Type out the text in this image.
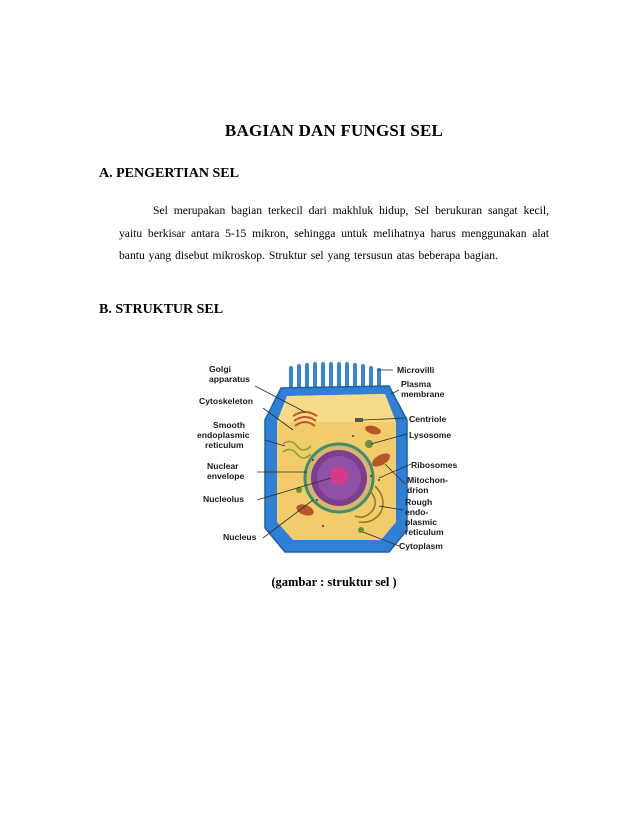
BAGIAN DAN FUNGSI SEL
A. PENGERTIAN SEL
Sel merupakan bagian terkecil dari makhluk hidup, Sel berukuran sangat kecil, yaitu berkisar antara 5-15 mikron, sehingga untuk melihatnya harus menggunakan alat bantu yang disebut mikroskop. Struktur sel yang tersusun atas beberapa bagian.
B. STRUKTUR SEL
Golgi
apparatus
Cytoskeleton
Smooth
endoplasmic
reticulum
Nuclear
envelope
Nucleolus
Nucleus
Microvilli
Plasma
membrane
Centriole
Lysosome
Ribosomes
Mitochon-
drion
Rough
endo-
plasmic
reticulum
Cytoplasm
(gambar : struktur sel )
